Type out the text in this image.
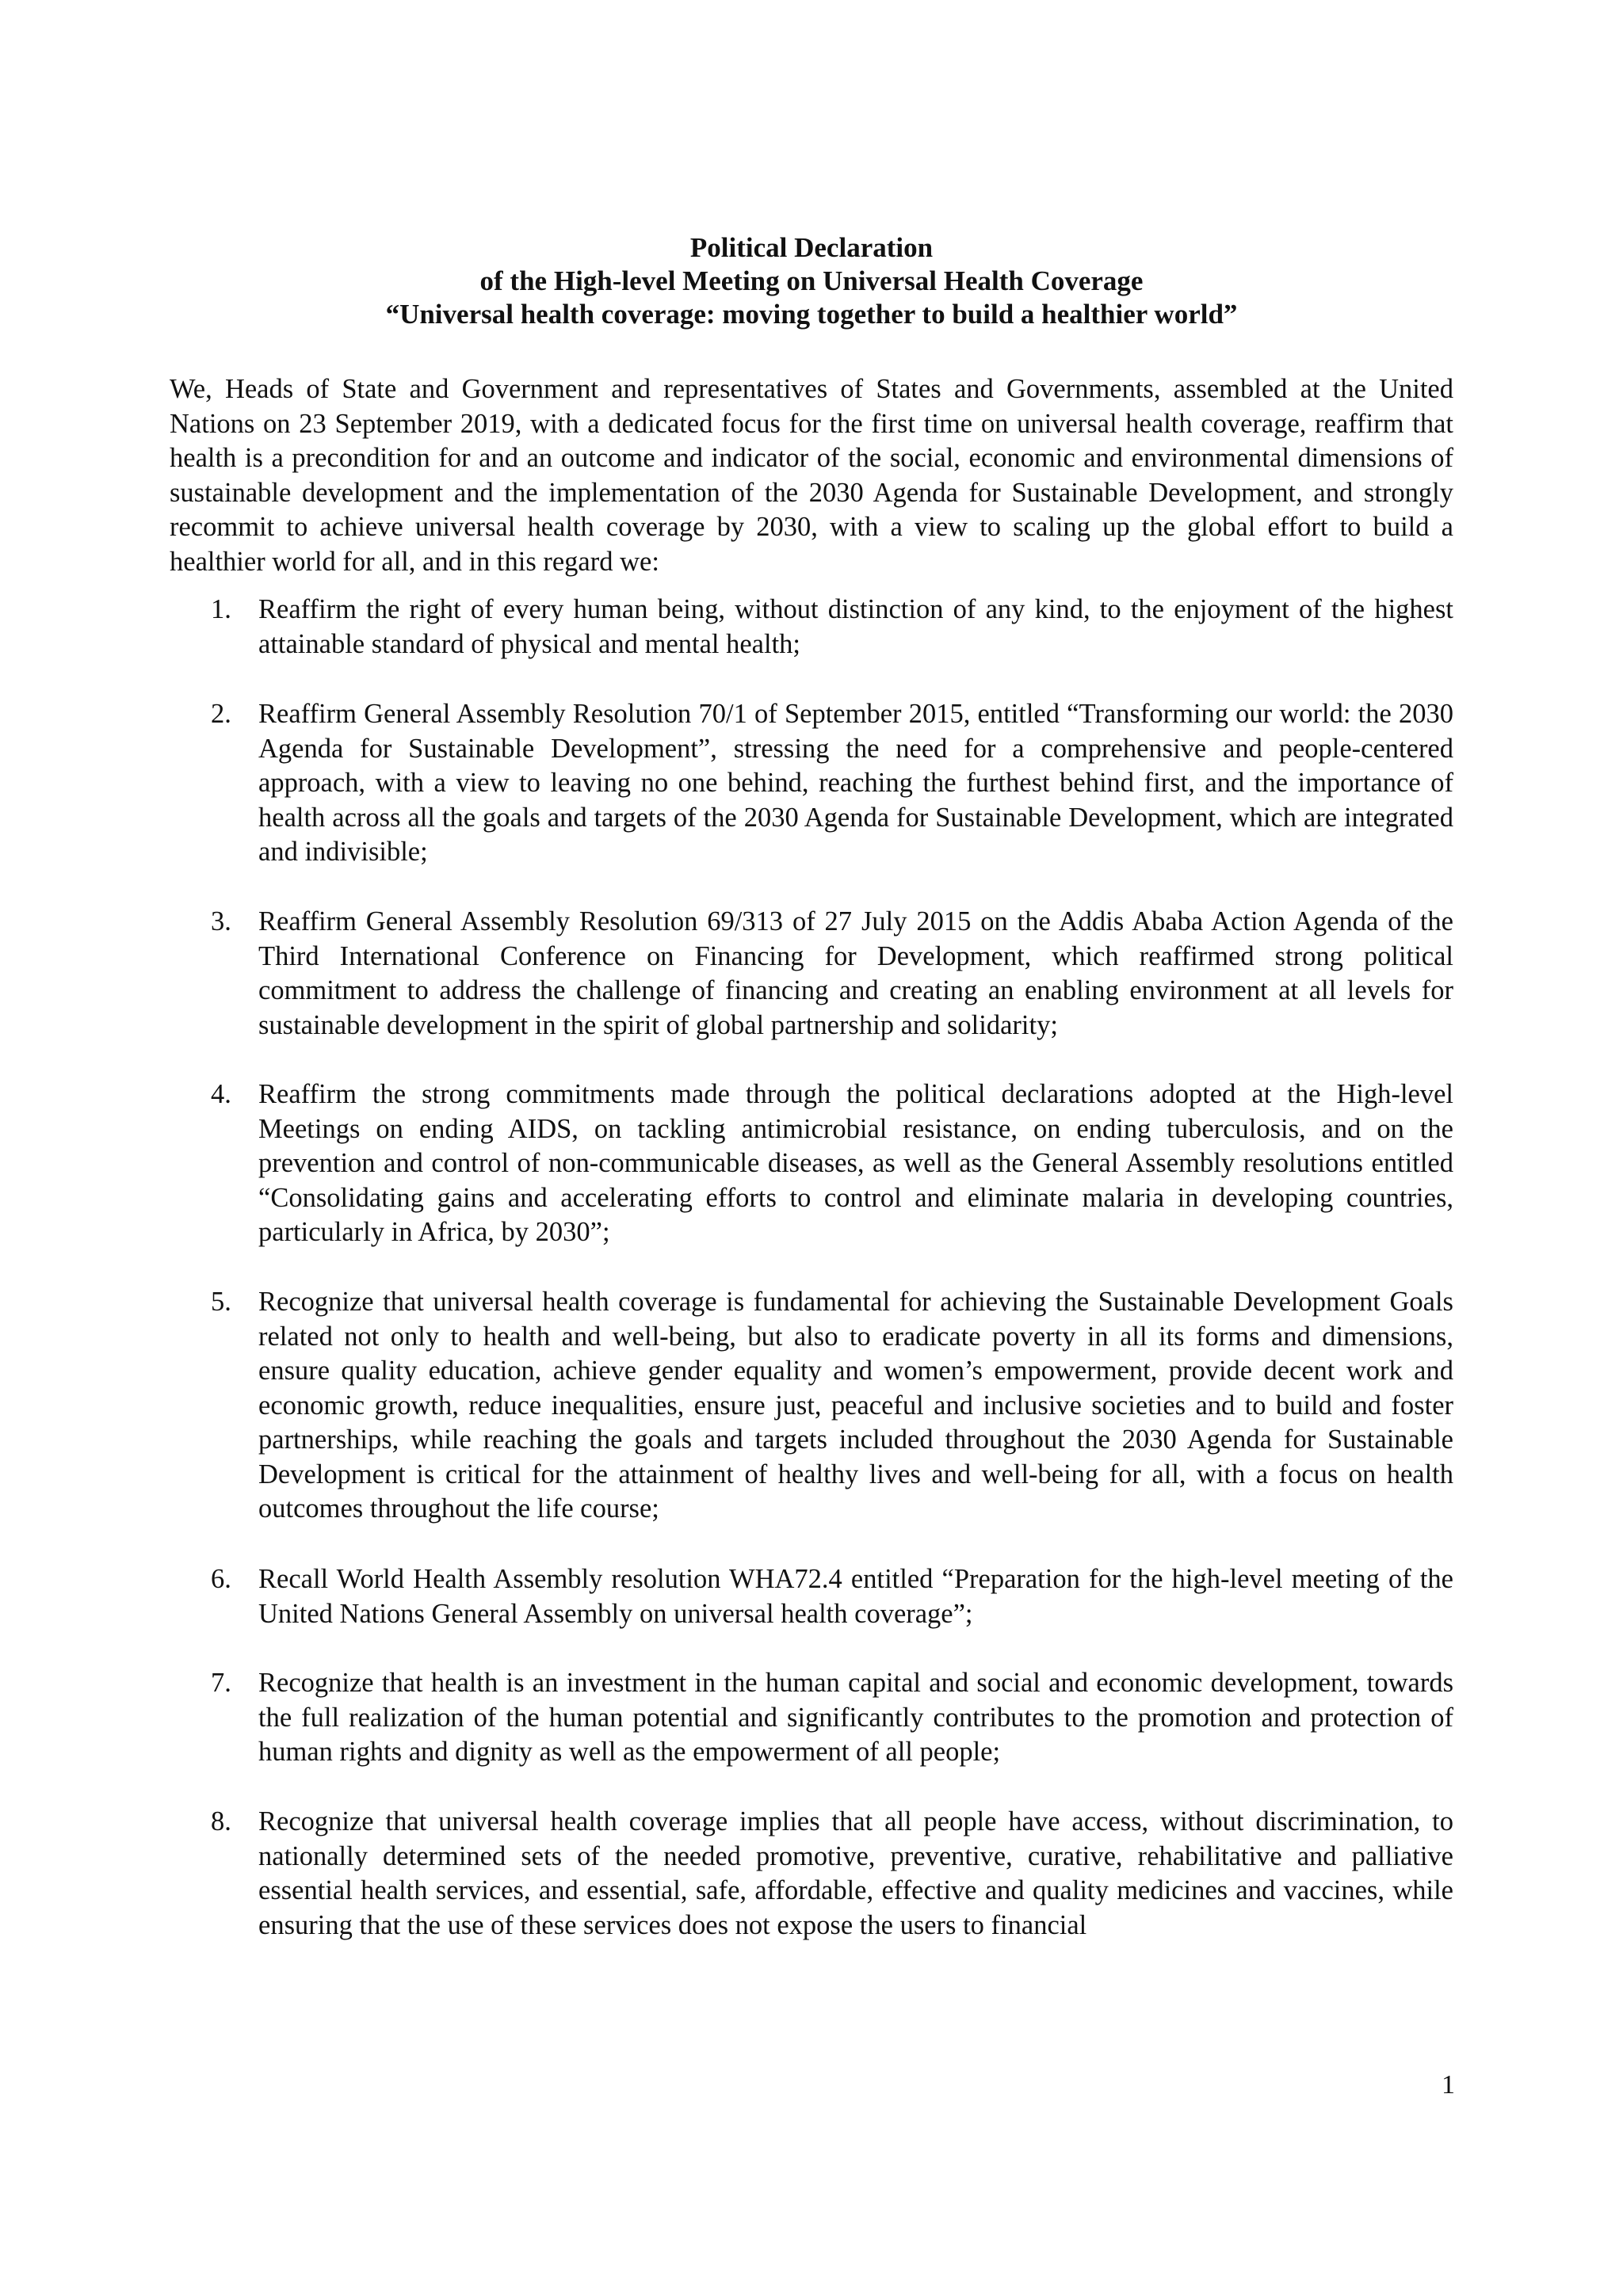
Political Declaration
of the High-level Meeting on Universal Health Coverage
“Universal health coverage: moving together to build a healthier world”

We, Heads of State and Government and representatives of States and Governments, assembled at the United Nations on 23 September 2019, with a dedicated focus for the first time on universal health coverage, reaffirm that health is a precondition for and an outcome and indicator of the social, economic and environmental dimensions of sustainable development and the implementation of the 2030 Agenda for Sustainable Development, and strongly recommit to achieve universal health coverage by 2030, with a view to scaling up the global effort to build a healthier world for all, and in this regard we:

1. Reaffirm the right of every human being, without distinction of any kind, to the enjoyment of the highest attainable standard of physical and mental health;
2. Reaffirm General Assembly Resolution 70/1 of September 2015, entitled “Transforming our world: the 2030 Agenda for Sustainable Development”, stressing the need for a comprehensive and people-centered approach, with a view to leaving no one behind, reaching the furthest behind first, and the importance of health across all the goals and targets of the 2030 Agenda for Sustainable Development, which are integrated and indivisible;
3. Reaffirm General Assembly Resolution 69/313 of 27 July 2015 on the Addis Ababa Action Agenda of the Third International Conference on Financing for Development, which reaffirmed strong political commitment to address the challenge of financing and creating an enabling environment at all levels for sustainable development in the spirit of global partnership and solidarity;
4. Reaffirm the strong commitments made through the political declarations adopted at the High-level Meetings on ending AIDS, on tackling antimicrobial resistance, on ending tuberculosis, and on the prevention and control of non-communicable diseases, as well as the General Assembly resolutions entitled “Consolidating gains and accelerating efforts to control and eliminate malaria in developing countries, particularly in Africa, by 2030”;
5. Recognize that universal health coverage is fundamental for achieving the Sustainable Development Goals related not only to health and well-being, but also to eradicate poverty in all its forms and dimensions, ensure quality education, achieve gender equality and women’s empowerment, provide decent work and economic growth, reduce inequalities, ensure just, peaceful and inclusive societies and to build and foster partnerships, while reaching the goals and targets included throughout the 2030 Agenda for Sustainable Development is critical for the attainment of healthy lives and well-being for all, with a focus on health outcomes throughout the life course;
6. Recall World Health Assembly resolution WHA72.4 entitled “Preparation for the high-level meeting of the United Nations General Assembly on universal health coverage”;
7. Recognize that health is an investment in the human capital and social and economic development, towards the full realization of the human potential and significantly contributes to the promotion and protection of human rights and dignity as well as the empowerment of all people;
8. Recognize that universal health coverage implies that all people have access, without discrimination, to nationally determined sets of the needed promotive, preventive, curative, rehabilitative and palliative essential health services, and essential, safe, affordable, effective and quality medicines and vaccines, while ensuring that the use of these services does not expose the users to financial
1
